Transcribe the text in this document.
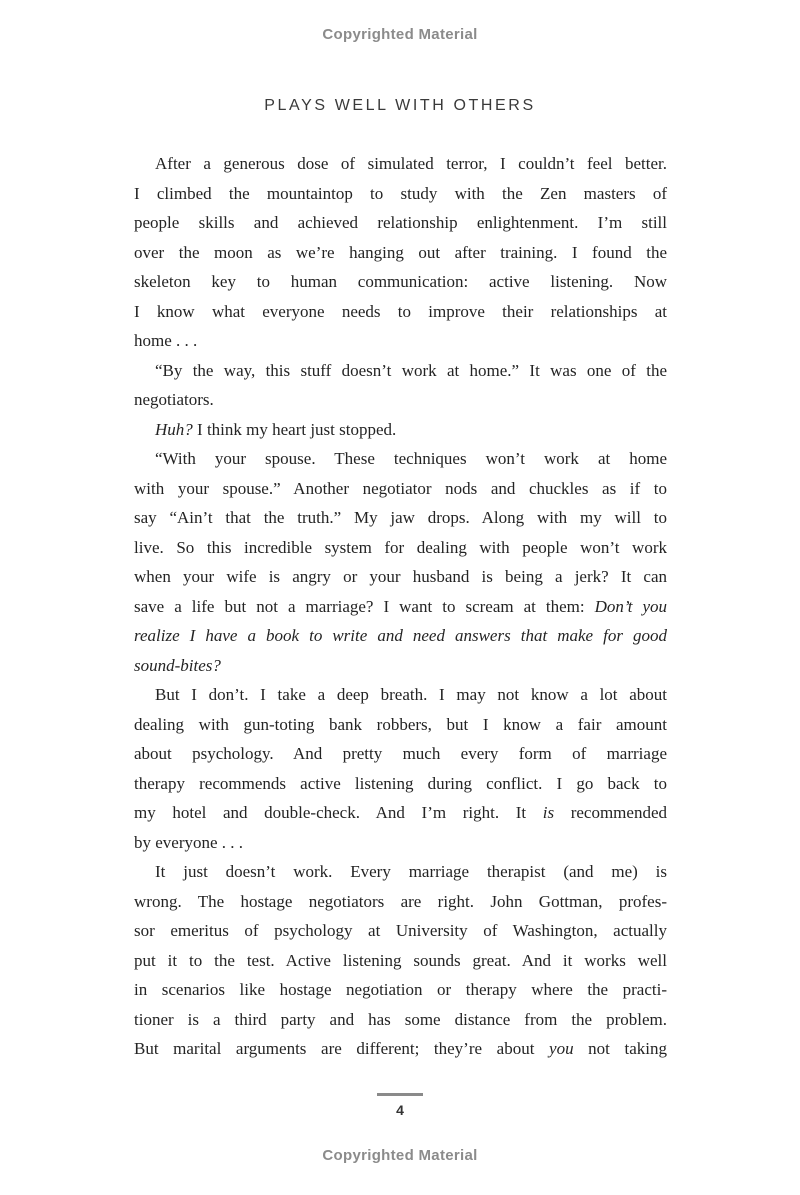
Copyrighted Material
PLAYS WELL WITH OTHERS
After a generous dose of simulated terror, I couldn’t feel better.
I climbed the mountaintop to study with the Zen masters of
people skills and achieved relationship enlightenment. I’m still
over the moon as we’re hanging out after training. I found the
skeleton key to human communication: active listening. Now
I know what everyone needs to improve their relationships at
home . . .
“By the way, this stuff doesn’t work at home.” It was one of the
negotiators.
Huh? I think my heart just stopped.
“With your spouse. These techniques won’t work at home
with your spouse.” Another negotiator nods and chuckles as if to
say “Ain’t that the truth.” My jaw drops. Along with my will to
live. So this incredible system for dealing with people won’t work
when your wife is angry or your husband is being a jerk? It can
save a life but not a marriage? I want to scream at them: Don’t you
realize I have a book to write and need answers that make for good
sound-bites?
But I don’t. I take a deep breath. I may not know a lot about
dealing with gun-toting bank robbers, but I know a fair amount
about psychology. And pretty much every form of marriage
therapy recommends active listening during conflict. I go back to
my hotel and double-check. And I’m right. It is recommended
by everyone . . .
It just doesn’t work. Every marriage therapist (and me) is
wrong. The hostage negotiators are right. John Gottman, profes-
sor emeritus of psychology at University of Washington, actually
put it to the test. Active listening sounds great. And it works well
in scenarios like hostage negotiation or therapy where the practi-
tioner is a third party and has some distance from the problem.
But marital arguments are different; they’re about you not taking
4
Copyrighted Material
